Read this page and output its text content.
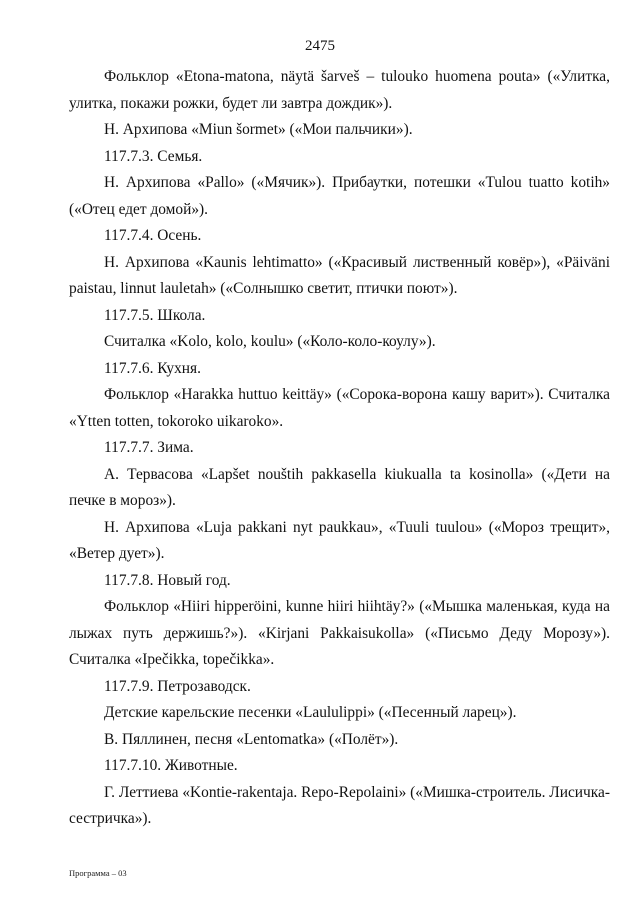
2475

Фольклор «Etona-matona, näytä šarveš – tulouko huomena pouta» («Улитка, улитка, покажи рожки, будет ли завтра дождик»).

Н. Архипова «Miun šormet» («Мои пальчики»).

117.7.3. Семья.

Н. Архипова «Pallo» («Мячик»). Прибаутки, потешки «Tulou tuatto kotih» («Отец едет домой»).

117.7.4. Осень.

Н. Архипова «Kaunis lehtimatto» («Красивый лиственный ковёр»), «Päiväni paistau, linnut lauletah» («Солнышко светит, птички поют»).

117.7.5. Школа.

Считалка «Kolo, kolo, koulu» («Коло-коло-коулу»).

117.7.6. Кухня.

Фольклор «Harakka huttuo keittäy» («Сорока-ворона кашу варит»). Считалка «Ytten totten, tokoroko uikaroko».

117.7.7. Зима.

А. Тервасова «Lapšet nouštih pakkasella kiukualla ta kosinolla» («Дети на печке в мороз»).

Н. Архипова «Luja pakkani nyt paukkau», «Tuuli tuulou» («Мороз трещит», «Ветер дует»).

117.7.8. Новый год.

Фольклор «Hiiri hipperöini, kunne hiiri hiihtäy?» («Мышка маленькая, куда на лыжах путь держишь?»). «Kirjani Pakkaisukolla» («Письмо Деду Морозу»). Считалка «Ipečikka, topečikka».

117.7.9. Петрозаводск.

Детские карельские песенки «Laululippi» («Песенный ларец»).

В. Пяллинен, песня «Lentomatka» («Полёт»).

117.7.10. Животные.

Г. Леттиева «Kontie-rakentaja. Repo-Repolaini» («Мишка-строитель. Лисичка-сестричка»).

Программа – 03
